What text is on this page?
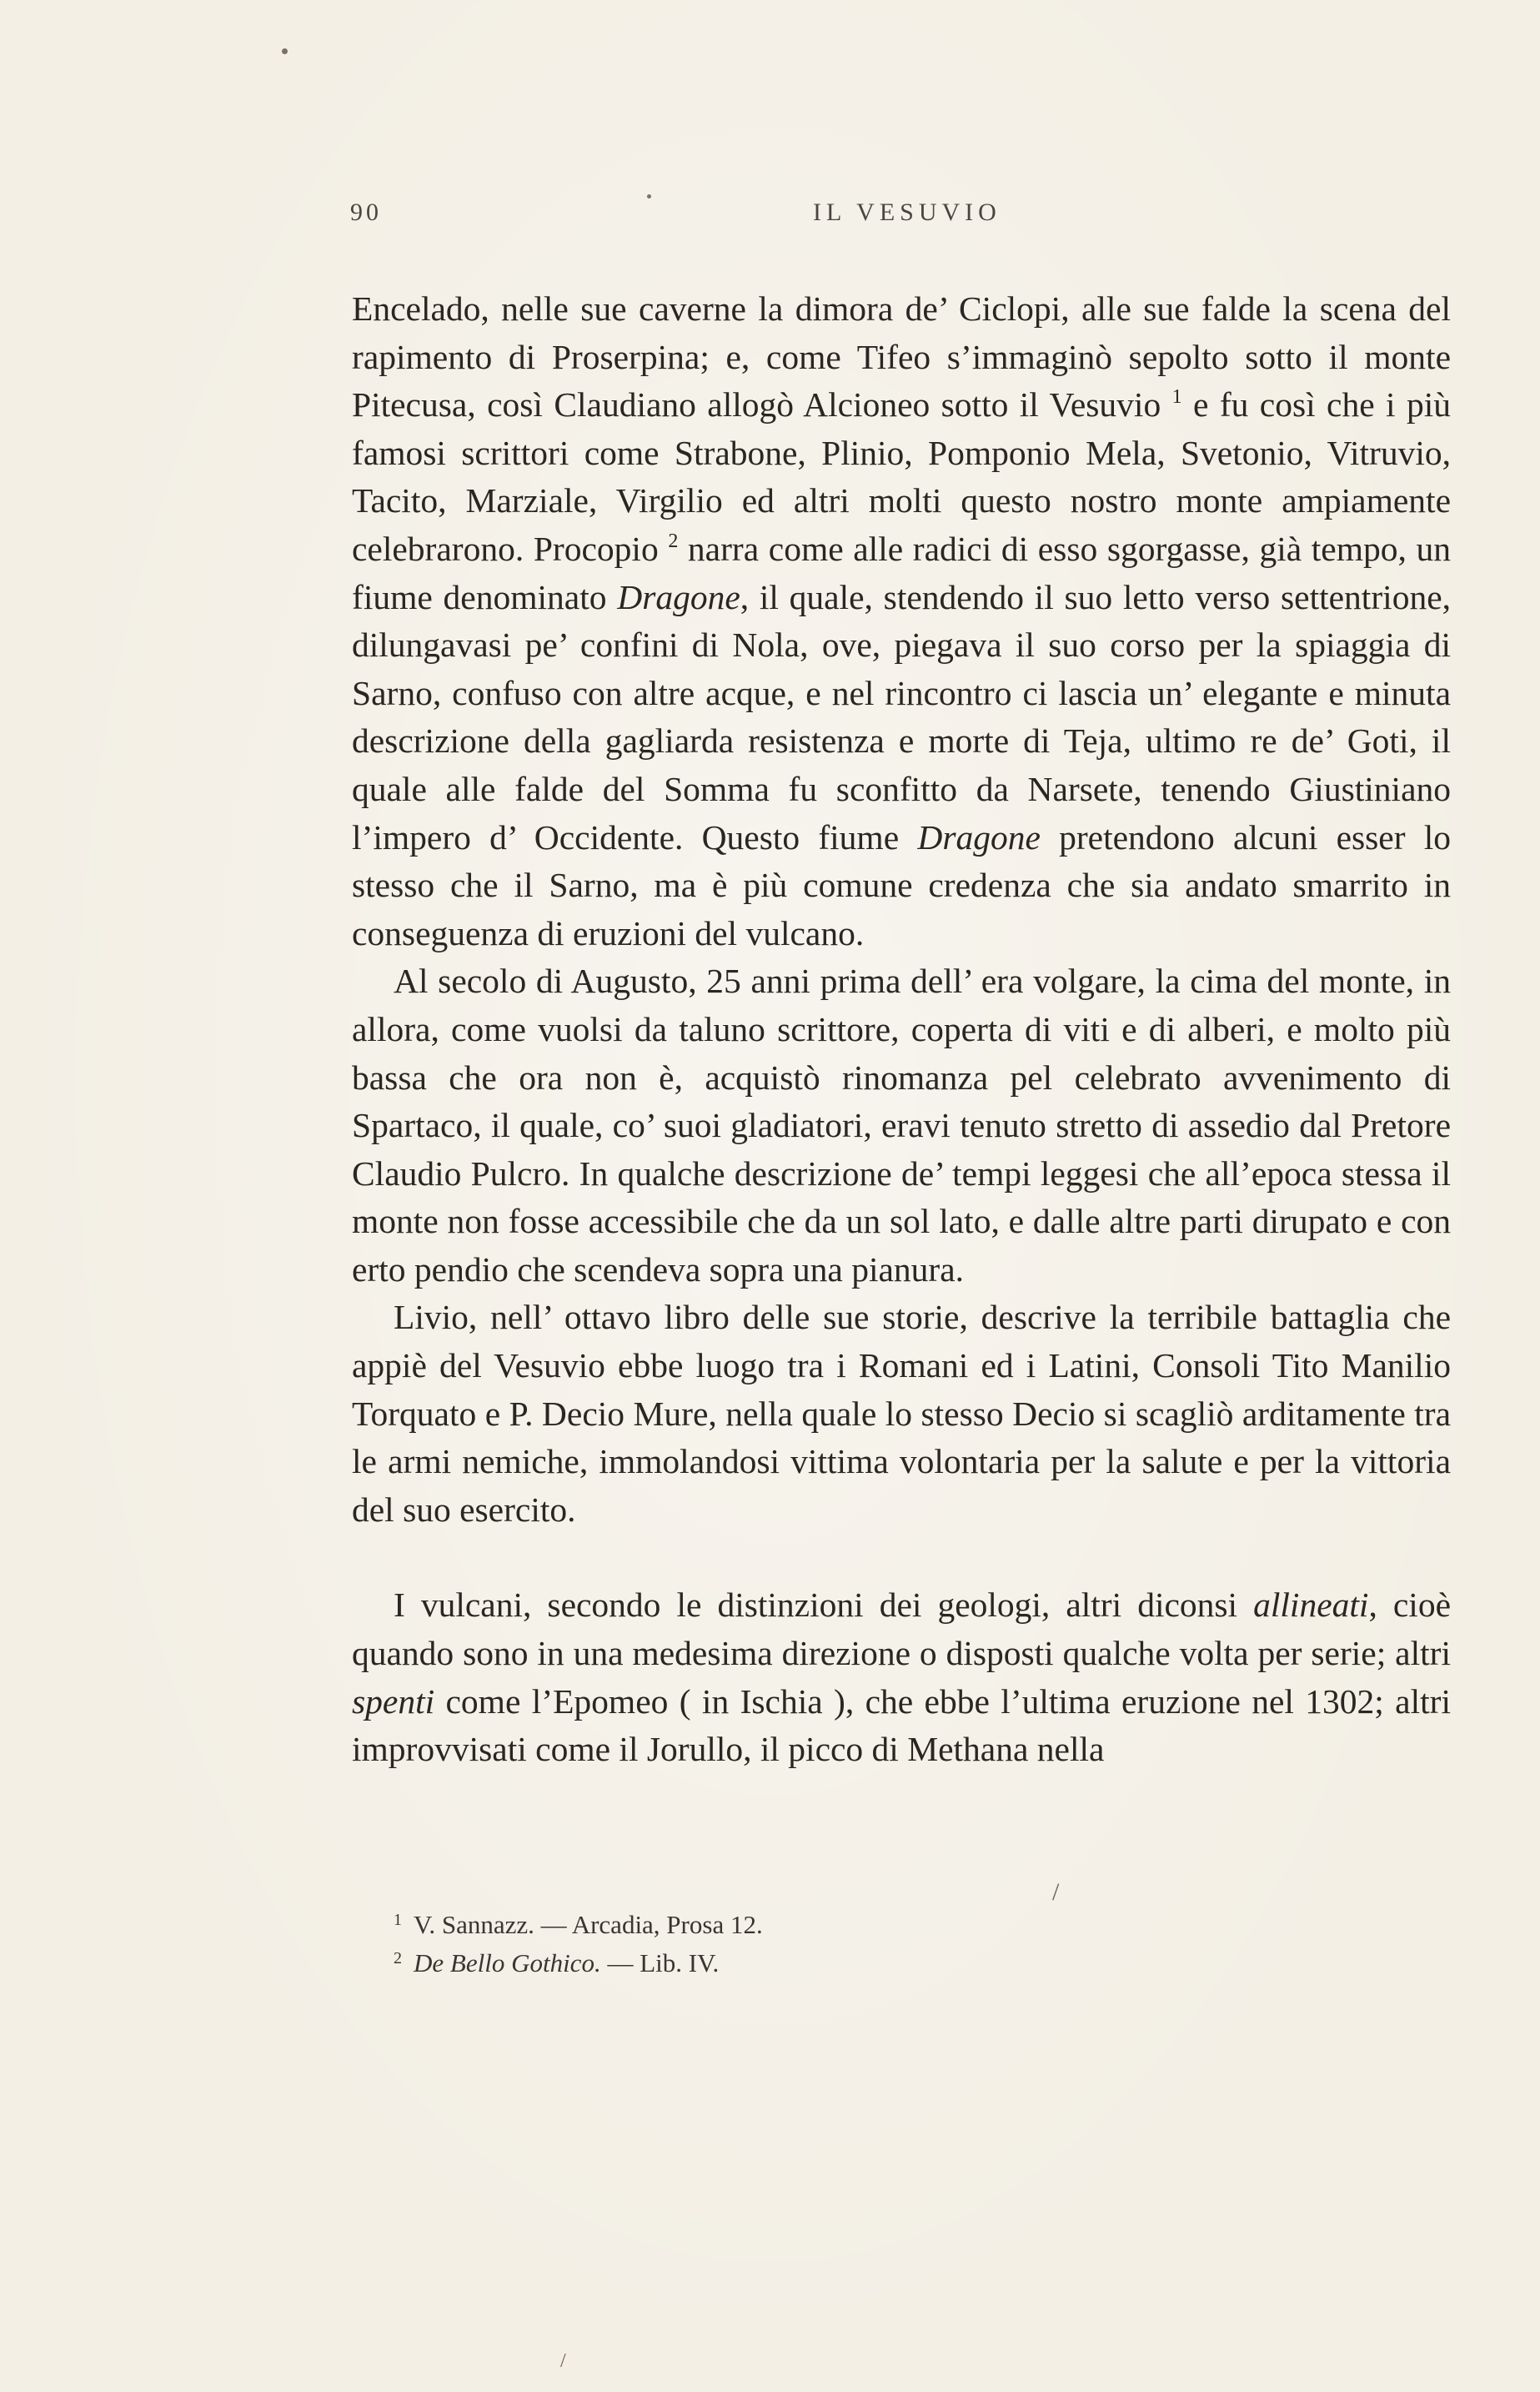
90	IL VESUVIO

Encelado, nelle sue caverne la dimora de’ Ciclopi, alle sue falde la scena del rapimento di Proserpina; e, come Tifeo s’immaginò sepolto sotto il monte Pitecusa, così Claudiano allogò Alcioneo sotto il Vesuvio $^1$ e fu così che i più famosi scrittori come Strabone, Plinio, Pomponio Mela, Svetonio, Vitruvio, Tacito, Marziale, Virgilio ed altri molti questo nostro monte ampiamente celebrarono. Procopio $^2$ narra come alle radici di esso sgorgasse, già tempo, un fiume denominato Dragone, il quale, stendendo il suo letto verso settentrione, dilungavasi pe’ confini di Nola, ove, piegava il suo corso per la spiaggia di Sarno, confuso con altre acque, e nel rincontro ci lascia un’ elegante e minuta descrizione della gagliarda resistenza e morte di Teja, ultimo re de’ Goti, il quale alle falde del Somma fu sconfitto da Narsete, tenendo Giustiniano l’impero d’ Occidente. Questo fiume Dragone pretendono alcuni esser lo stesso che il Sarno, ma è più comune credenza che sia andato smarrito in conseguenza di eruzioni del vulcano.

Al secolo di Augusto, 25 anni prima dell’ era volgare, la cima del monte, in allora, come vuolsi da taluno scrittore, coperta di viti e di alberi, e molto più bassa che ora non è, acquistò rinomanza pel celebrato avvenimento di Spartaco, il quale, co’ suoi gladiatori, eravi tenuto stretto di assedio dal Pretore Claudio Pulcro. In qualche descrizione de’ tempi leggesi che all’epoca stessa il monte non fosse accessibile che da un sol lato, e dalle altre parti dirupato e con erto pendio che scendeva sopra una pianura.

Livio, nell’ ottavo libro delle sue storie, descrive la terribile battaglia che appiè del Vesuvio ebbe luogo tra i Romani ed i Latini, Consoli Tito Manilio Torquato e P. Decio Mure, nella quale lo stesso Decio si scagliò arditamente tra le armi nemiche, immolandosi vittima volontaria per la salute e per la vittoria del suo esercito.

I vulcani, secondo le distinzioni dei geologi, altri diconsi allineati, cioè quando sono in una medesima direzione o disposti qualche volta per serie; altri spenti come l’Epomeo ( in Ischia ), che ebbe l’ultima eruzione nel 1302; altri improvvisati come il Jorullo, il picco di Methana nella

$^1$ V. Sannazz. — Arcadia, Prosa 12.

$^2$ De Bello Gothico. — Lib. IV.

/
/
